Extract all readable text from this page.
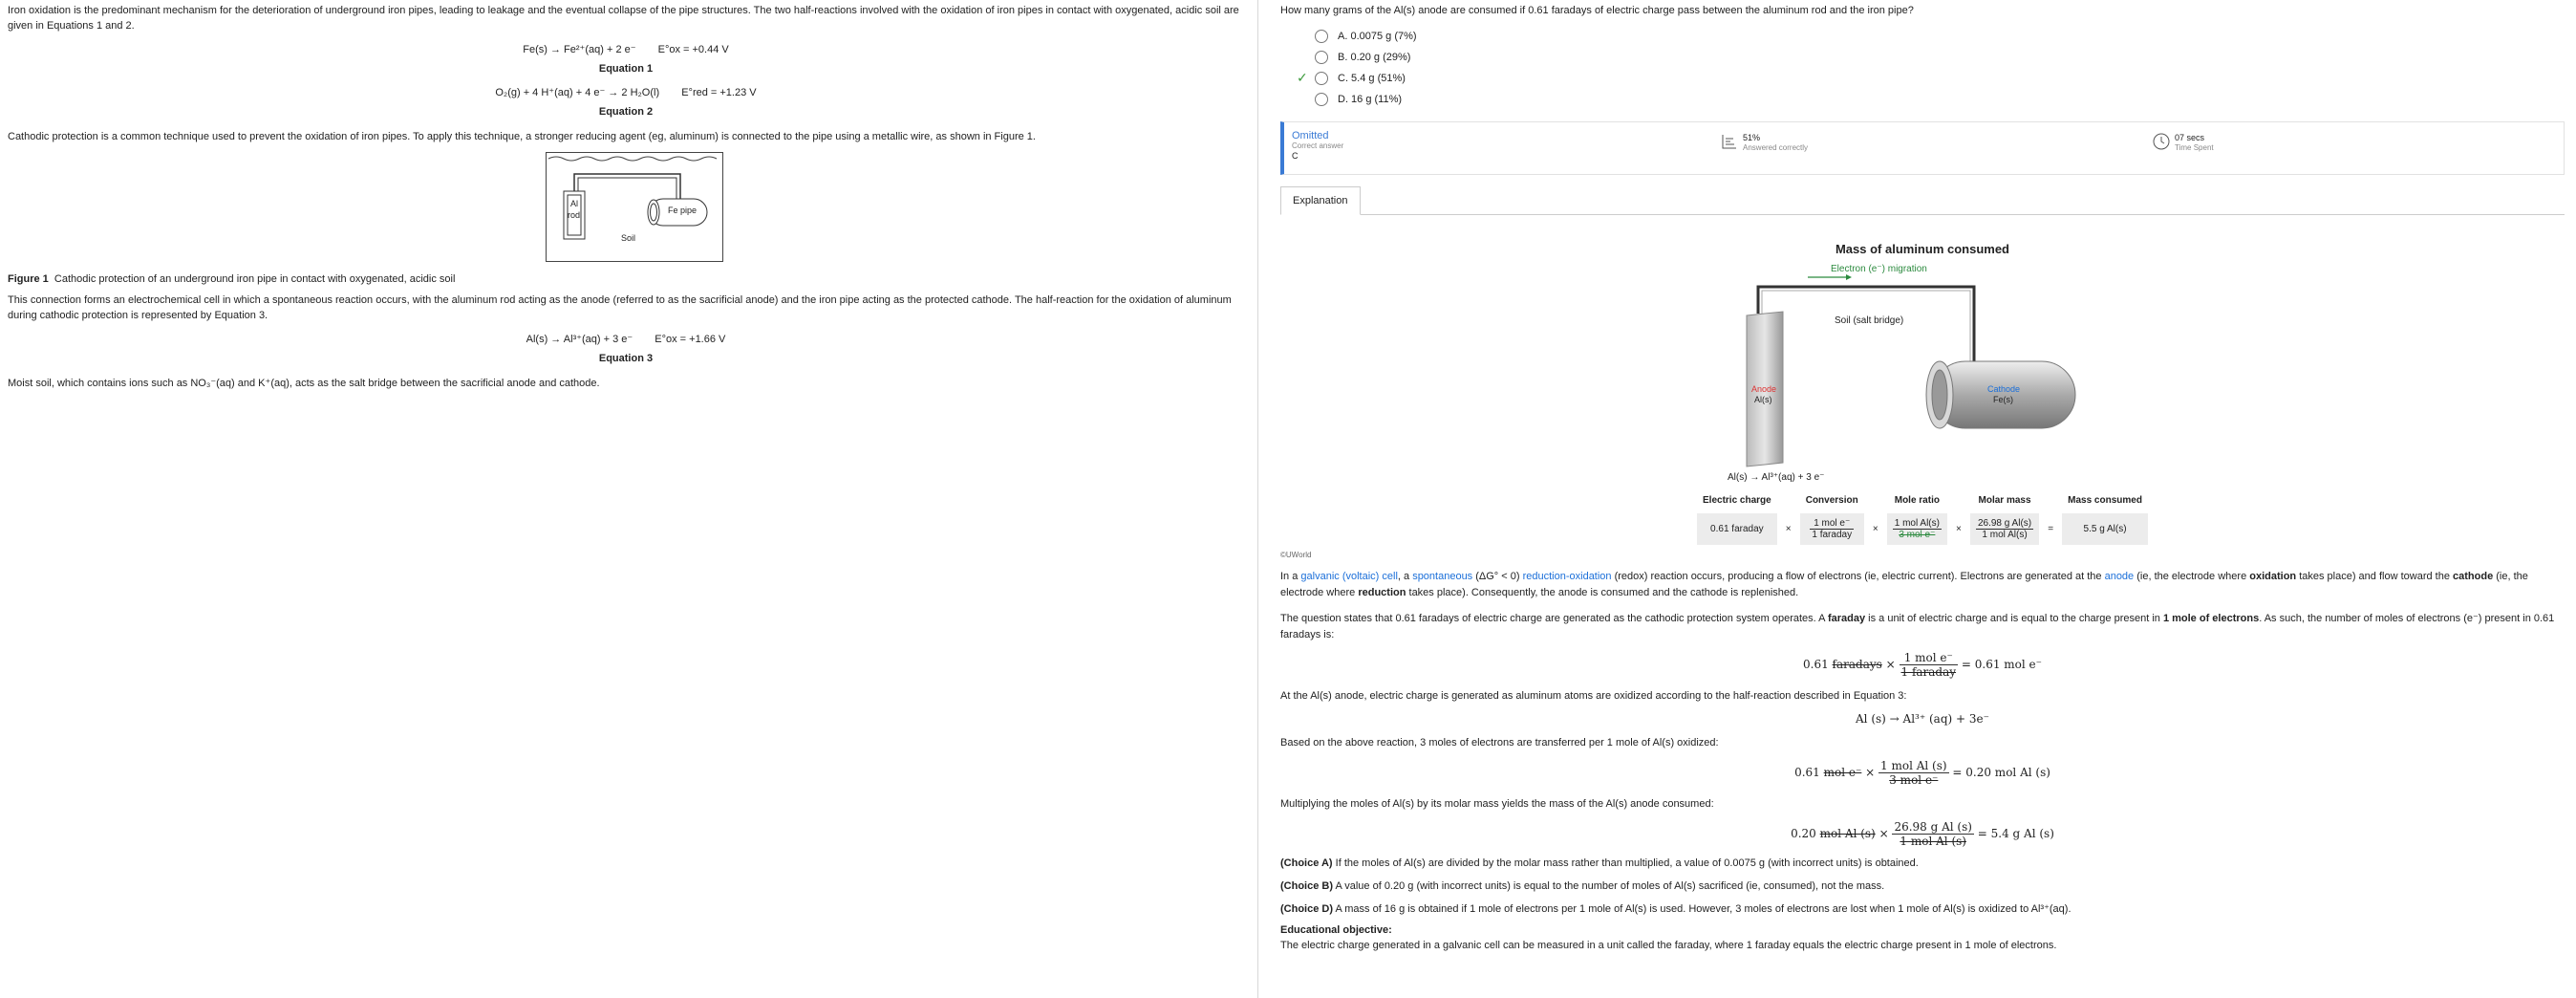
Iron oxidation is the predominant mechanism for the deterioration of underground iron pipes, leading to leakage and the eventual collapse of the pipe structures. The two half-reactions involved with the oxidation of iron pipes in contact with oxygenated, acidic soil are given in Equations 1 and 2.

Fe(s) → Fe²⁺(aq) + 2 e⁻ E°ox = +0.44 V
Equation 1
O₂(g) + 4 H⁺(aq) + 4 e⁻ → 2 H₂O(l) E°red = +1.23 V
Equation 2

Cathodic protection is a common technique used to prevent the oxidation of iron pipes. To apply this technique, a stronger reducing agent (eg, aluminum) is connected to the pipe using a metallic wire, as shown in Figure 1.

Al
rod	Fe pipe
Soil

Figure 1 Cathodic protection of an underground iron pipe in contact with oxygenated, acidic soil

This connection forms an electrochemical cell in which a spontaneous reaction occurs, with the aluminum rod acting as the anode (referred to as the sacrificial anode) and the iron pipe acting as the protected cathode. The half-reaction for the oxidation of aluminum during cathodic protection is represented by Equation 3.

Al(s) → Al³⁺(aq) + 3 e⁻ E°ox = +1.66 V
Equation 3

Moist soil, which contains ions such as NO₃⁻(aq) and K⁺(aq), acts as the salt bridge between the sacrificial anode and cathode.

How many grams of the Al(s) anode are consumed if 0.61 faradays of electric charge pass between the aluminum rod and the iron pipe?

A. 0.0075 g (7%)
B. 0.20 g (29%)
✓	C. 5.4 g (51%)
D. 16 g (11%)
Omitted
Correct answer
C
51%
Answered correctly
07 secs
Time Spent
Explanation
Mass of aluminum consumed
Electron (e⁻) migration
Soil (salt bridge)
Anode
Al(s)
Cathode
Fe(s)
Al(s) → Al³⁺(aq) + 3 e⁻
Electric charge		Conversion		Mole ratio		Molar mass		Mass consumed
0.61 faraday	×	$\frac{\text{1 mol e⁻}}{\text{1 faraday}}$	×	$\frac{\text{1 mol Al(s)}}{\text{3 mol e⁻}}$	×	$\frac{\text{26.98 g Al(s)}}{\text{1 mol Al(s)}}$	=	5.5 g Al(s)
©UWorld

In a galvanic (voltaic) cell, a spontaneous (ΔG° < 0) reduction-oxidation (redox) reaction occurs, producing a flow of electrons (ie, electric current). Electrons are generated at the anode (ie, the electrode where oxidation takes place) and flow toward the cathode (ie, the electrode where reduction takes place). Consequently, the anode is consumed and the cathode is replenished.

The question states that 0.61 faradays of electric charge are generated as the cathodic protection system operates. A faraday is a unit of electric charge and is equal to the charge present in 1 mole of electrons. As such, the number of moles of electrons (e⁻) present in 0.61 faradays is:

0.61 faradays × $\frac{\text{1 mol e⁻}}{\text{1 faraday}} = 0.61$ mol e⁻

At the Al(s) anode, electric charge is generated as aluminum atoms are oxidized according to the half-reaction described in Equation 3:

Al (s) → Al³⁺ (aq) + 3e⁻

Based on the above reaction, 3 moles of electrons are transferred per 1 mole of Al(s) oxidized:

0.61 mol $e^- \times \frac{\text{1 mol Al (s)}}{\text{3 mol e⁻}} = 0.20$ mol Al (s)

Multiplying the moles of Al(s) by its molar mass yields the mass of the Al(s) anode consumed:

0.20 mol Al $(s) \times \frac{\text{26.98 g Al (s)}}{\text{1 mol Al (s)}} = 5.4$ g Al (s)

(Choice A) If the moles of Al(s) are divided by the molar mass rather than multiplied, a value of 0.0075 g (with incorrect units) is obtained.

(Choice B) A value of 0.20 g (with incorrect units) is equal to the number of moles of Al(s) sacrificed (ie, consumed), not the mass.

(Choice D) A mass of 16 g is obtained if 1 mole of electrons per 1 mole of Al(s) is used. However, 3 moles of electrons are lost when 1 mole of Al(s) is oxidized to Al³⁺(aq).

Educational objective:

The electric charge generated in a galvanic cell can be measured in a unit called the faraday, where 1 faraday equals the electric charge present in 1 mole of electrons.
